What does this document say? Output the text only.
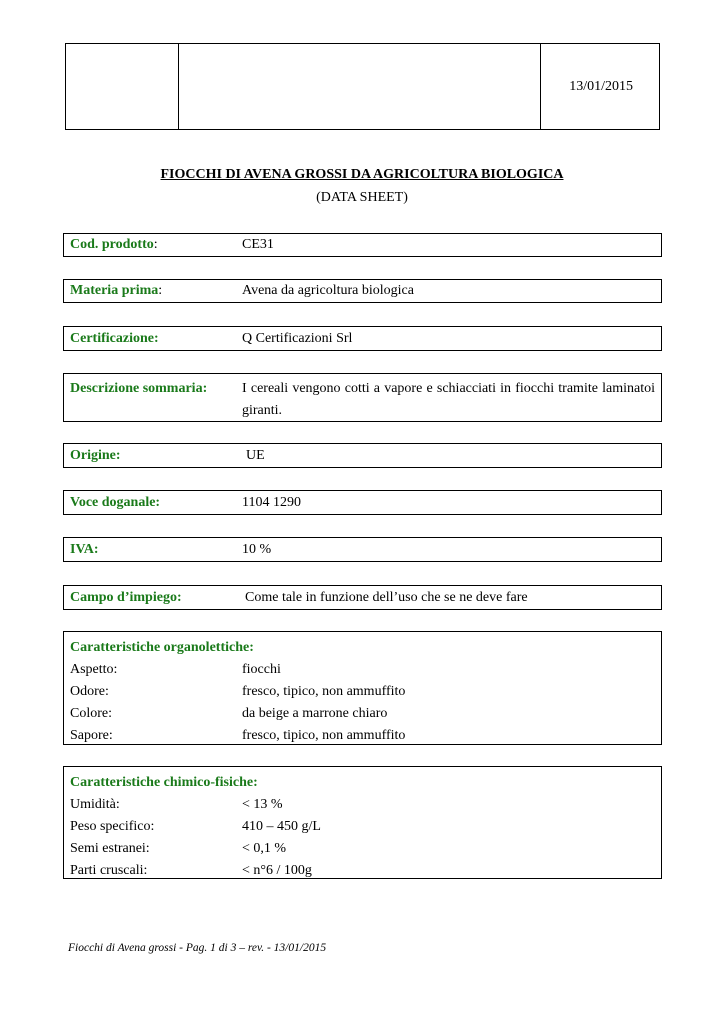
13/01/2015
FIOCCHI DI AVENA GROSSI DA AGRICOLTURA BIOLOGICA
(DATA SHEET)
Cod. prodotto:	CE31
Materia prima:	Avena da agricoltura biologica
Certificazione:	Q Certificazioni Srl
Descrizione sommaria:	I cereali vengono cotti a vapore e schiacciati in fiocchi tramite laminatoi giranti.
Origine:	UE
Voce doganale:	1104 1290
IVA:	10 %
Campo d’impiego:	Come tale in funzione dell’uso che se ne deve fare
Caratteristiche organolettiche:
Aspetto:	fiocchi
Odore:	fresco, tipico, non ammuffito
Colore:	da beige a marrone chiaro
Sapore:	fresco, tipico, non ammuffito
Caratteristiche chimico-fisiche:
Umidità:	< 13 %
Peso specifico:	410 – 450 g/L
Semi estranei:	< 0,1 %
Parti cruscali:	< n°6 / 100g
Fiocchi di Avena grossi - Pag. 1 di 3 – rev. - 13/01/2015
